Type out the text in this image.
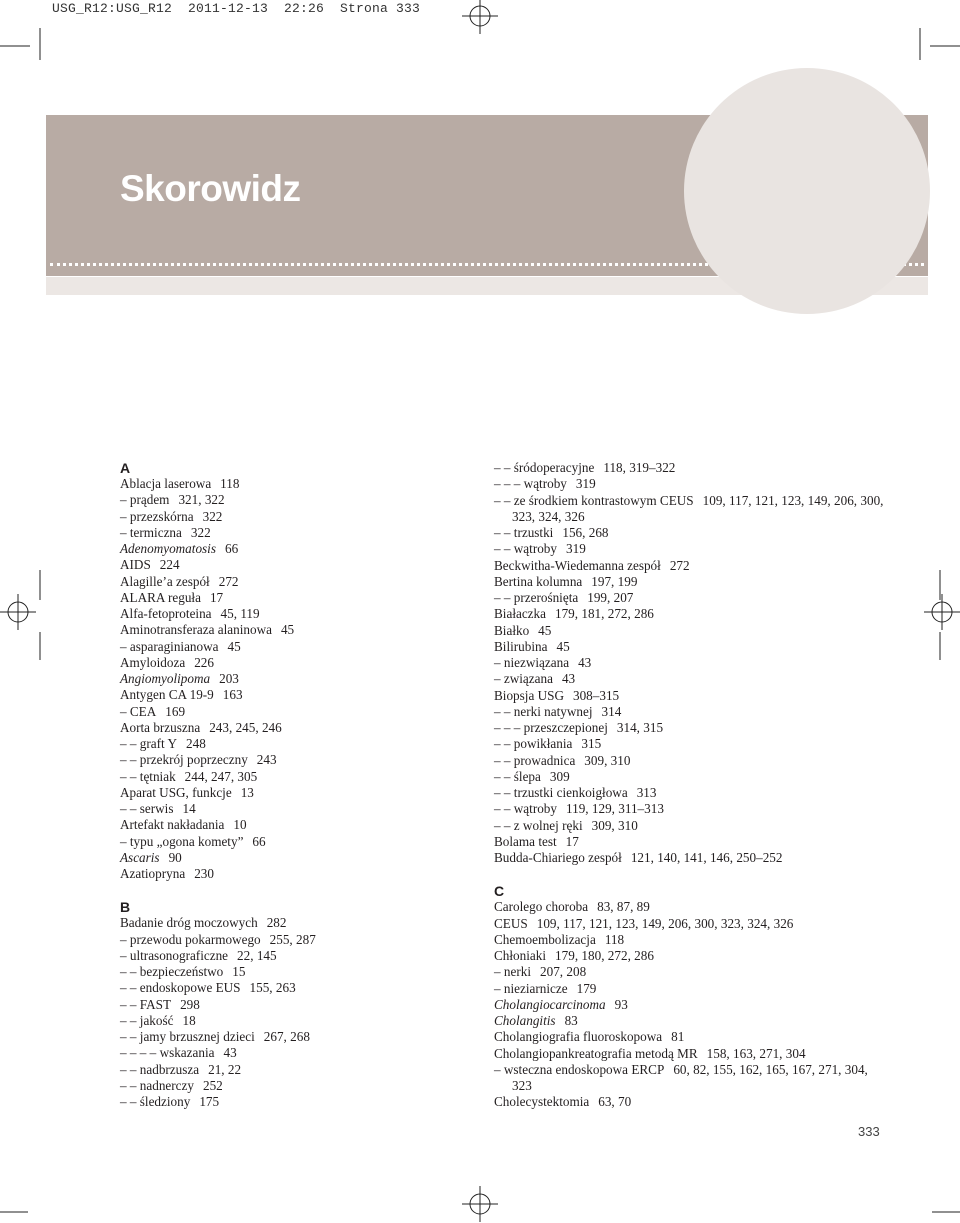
USG_R12:USG_R12  2011-12-13  22:26  Strona 333
Skorowidz
A
Ablacja laserowa 118
– prądem 321, 322
– przezskórna 322
– termiczna 322
Adenomyomatosis 66
AIDS 224
Alagille’a zespół 272
ALARA reguła 17
Alfa-fetoproteina 45, 119
Aminotransferaza alaninowa 45
– asparaginianowa 45
Amyloidoza 226
Angiomyolipoma 203
Antygen CA 19-9 163
– CEA 169
Aorta brzuszna 243, 245, 246
– – graft Y 248
– – przekrój poprzeczny 243
– – tętniak 244, 247, 305
Aparat USG, funkcje 13
– – serwis 14
Artefakt nakładania 10
– typu „ogona komety” 66
Ascaris 90
Azatiopryna 230
B
Badanie dróg moczowych 282
– przewodu pokarmowego 255, 287
– ultrasonograficzne 22, 145
– – bezpieczeństwo 15
– – endoskopowe EUS 155, 263
– – FAST 298
– – jakość 18
– – jamy brzusznej dzieci 267, 268
– – – – wskazania 43
– – nadbrzusza 21, 22
– – nadnerczy 252
– – śledziony 175
– – śródoperacyjne 118, 319–322
– – – wątroby 319
– – ze środkiem kontrastowym CEUS 109, 117, 121, 123, 149, 206, 300, 323, 324, 326
– – trzustki 156, 268
– – wątroby 319
Beckwitha-Wiedemanna zespół 272
Bertina kolumna 197, 199
– – przerośnięta 199, 207
Białaczka 179, 181, 272, 286
Białko 45
Bilirubina 45
– niezwiązana 43
– związana 43
Biopsja USG 308–315
– – nerki natywnej 314
– – – przeszczepionej 314, 315
– – powikłania 315
– – prowadnica 309, 310
– – ślepa 309
– – trzustki cienkoigłowa 313
– – wątroby 119, 129, 311–313
– – z wolnej ręki 309, 310
Bolama test 17
Budda-Chiariego zespół 121, 140, 141, 146, 250–252
C
Carolego choroba 83, 87, 89
CEUS 109, 117, 121, 123, 149, 206, 300, 323, 324, 326
Chemoembolizacja 118
Chłoniaki 179, 180, 272, 286
– nerki 207, 208
– nieziarnicze 179
Cholangiocarcinoma 93
Cholangitis 83
Cholangiografia fluoroskopowa 81
Cholangiopankreatografia metodą MR 158, 163, 271, 304
– wsteczna endoskopowa ERCP 60, 82, 155, 162, 165, 167, 271, 304, 323
Cholecystektomia 63, 70
333
